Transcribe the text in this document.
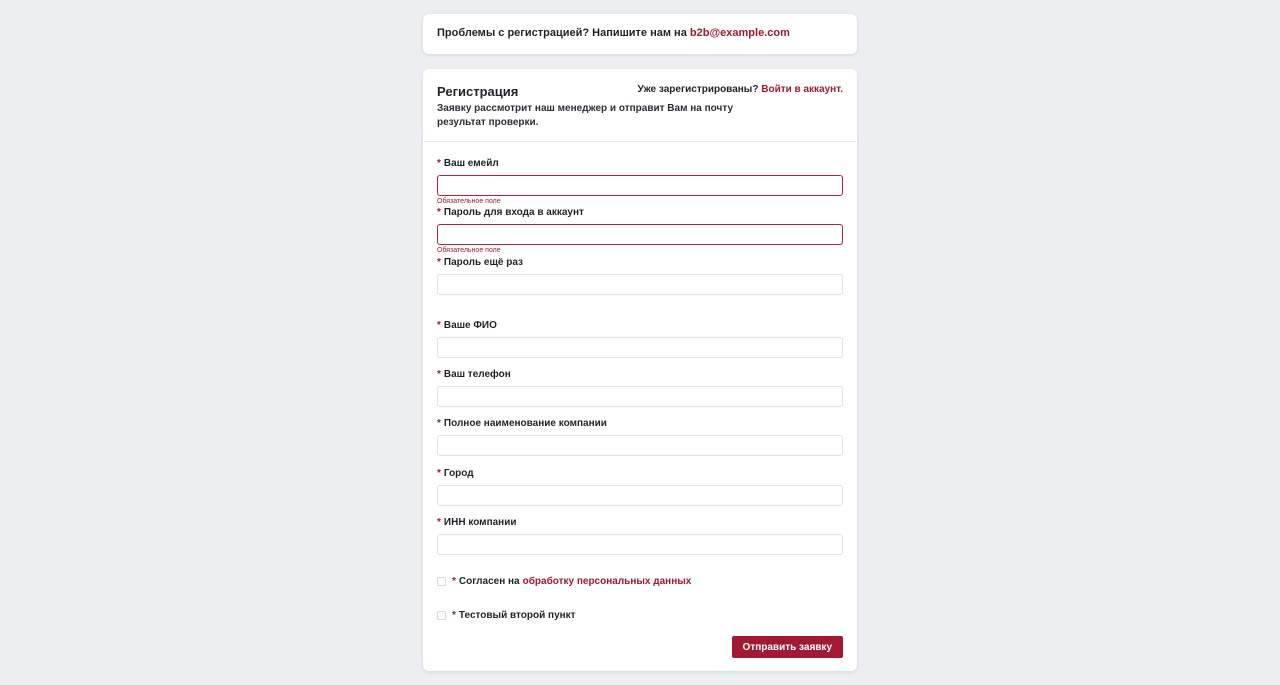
Проблемы с регистрацией? Напишите нам на b2b@example.com
Регистрация	Уже зарегистрированы? Войти в аккаунт.
Заявку рассмотрит наш менеджер и отправит Вам на почту результат проверки.
* Ваш емейл
Обязательное поле
* Пароль для входа в аккаунт
Обязательное поле
* Пароль ещё раз
* Ваше ФИО
* Ваш телефон
* Полное наименование компании
* Город
* ИНН компании
* Согласен на обработку персональных данных
* Тестовый второй пункт
Отправить заявку
